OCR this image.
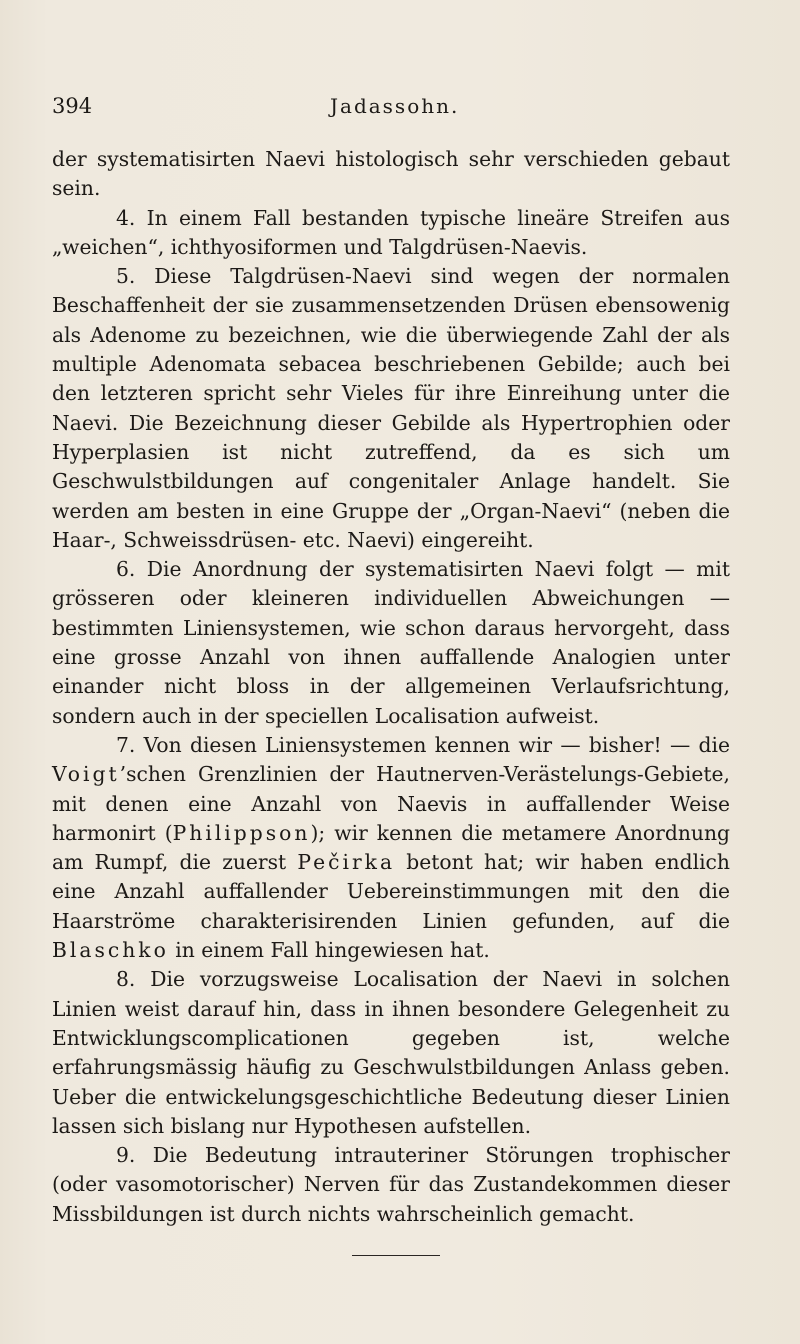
394	Jadassohn.

der systematisirten Naevi histologisch sehr verschieden gebaut sein.

4. In einem Fall bestanden typische lineäre Streifen aus „weichen“, ichthyosiformen und Talgdrüsen-Naevis.

5. Diese Talgdrüsen-Naevi sind wegen der normalen Beschaffenheit der sie zusammensetzenden Drüsen ebensowenig als Adenome zu bezeichnen, wie die überwiegende Zahl der als multiple Adenomata sebacea beschriebenen Gebilde; auch bei den letzteren spricht sehr Vieles für ihre Einreihung unter die Naevi. Die Bezeichnung dieser Gebilde als Hypertrophien oder Hyperplasien ist nicht zutreffend, da es sich um Geschwulstbildungen auf congenitaler Anlage handelt. Sie werden am besten in eine Gruppe der „Organ-Naevi“ (neben die Haar-, Schweissdrüsen- etc. Naevi) eingereiht.

6. Die Anordnung der systematisirten Naevi folgt — mit grösseren oder kleineren individuellen Abweichungen — bestimmten Liniensystemen, wie schon daraus hervorgeht, dass eine grosse Anzahl von ihnen auffallende Analogien unter einander nicht bloss in der allgemeinen Verlaufsrichtung, sondern auch in der speciellen Localisation aufweist.

7. Von diesen Liniensystemen kennen wir — bisher! — die Voigt’schen Grenzlinien der Hautnerven-Verästelungs-Gebiete, mit denen eine Anzahl von Naevis in auffallender Weise harmonirt (Philippson); wir kennen die metamere Anordnung am Rumpf, die zuerst Pečirka betont hat; wir haben endlich eine Anzahl auffallender Uebereinstimmungen mit den die Haarströme charakterisirenden Linien gefunden, auf die Blaschko in einem Fall hingewiesen hat.

8. Die vorzugsweise Localisation der Naevi in solchen Linien weist darauf hin, dass in ihnen besondere Gelegenheit zu Entwicklungscomplicationen gegeben ist, welche erfahrungsmässig häufig zu Geschwulstbildungen Anlass geben. Ueber die entwickelungsgeschichtliche Bedeutung dieser Linien lassen sich bislang nur Hypothesen aufstellen.

9. Die Bedeutung intrauteriner Störungen trophischer (oder vasomotorischer) Nerven für das Zustandekommen dieser Missbildungen ist durch nichts wahrscheinlich gemacht.
